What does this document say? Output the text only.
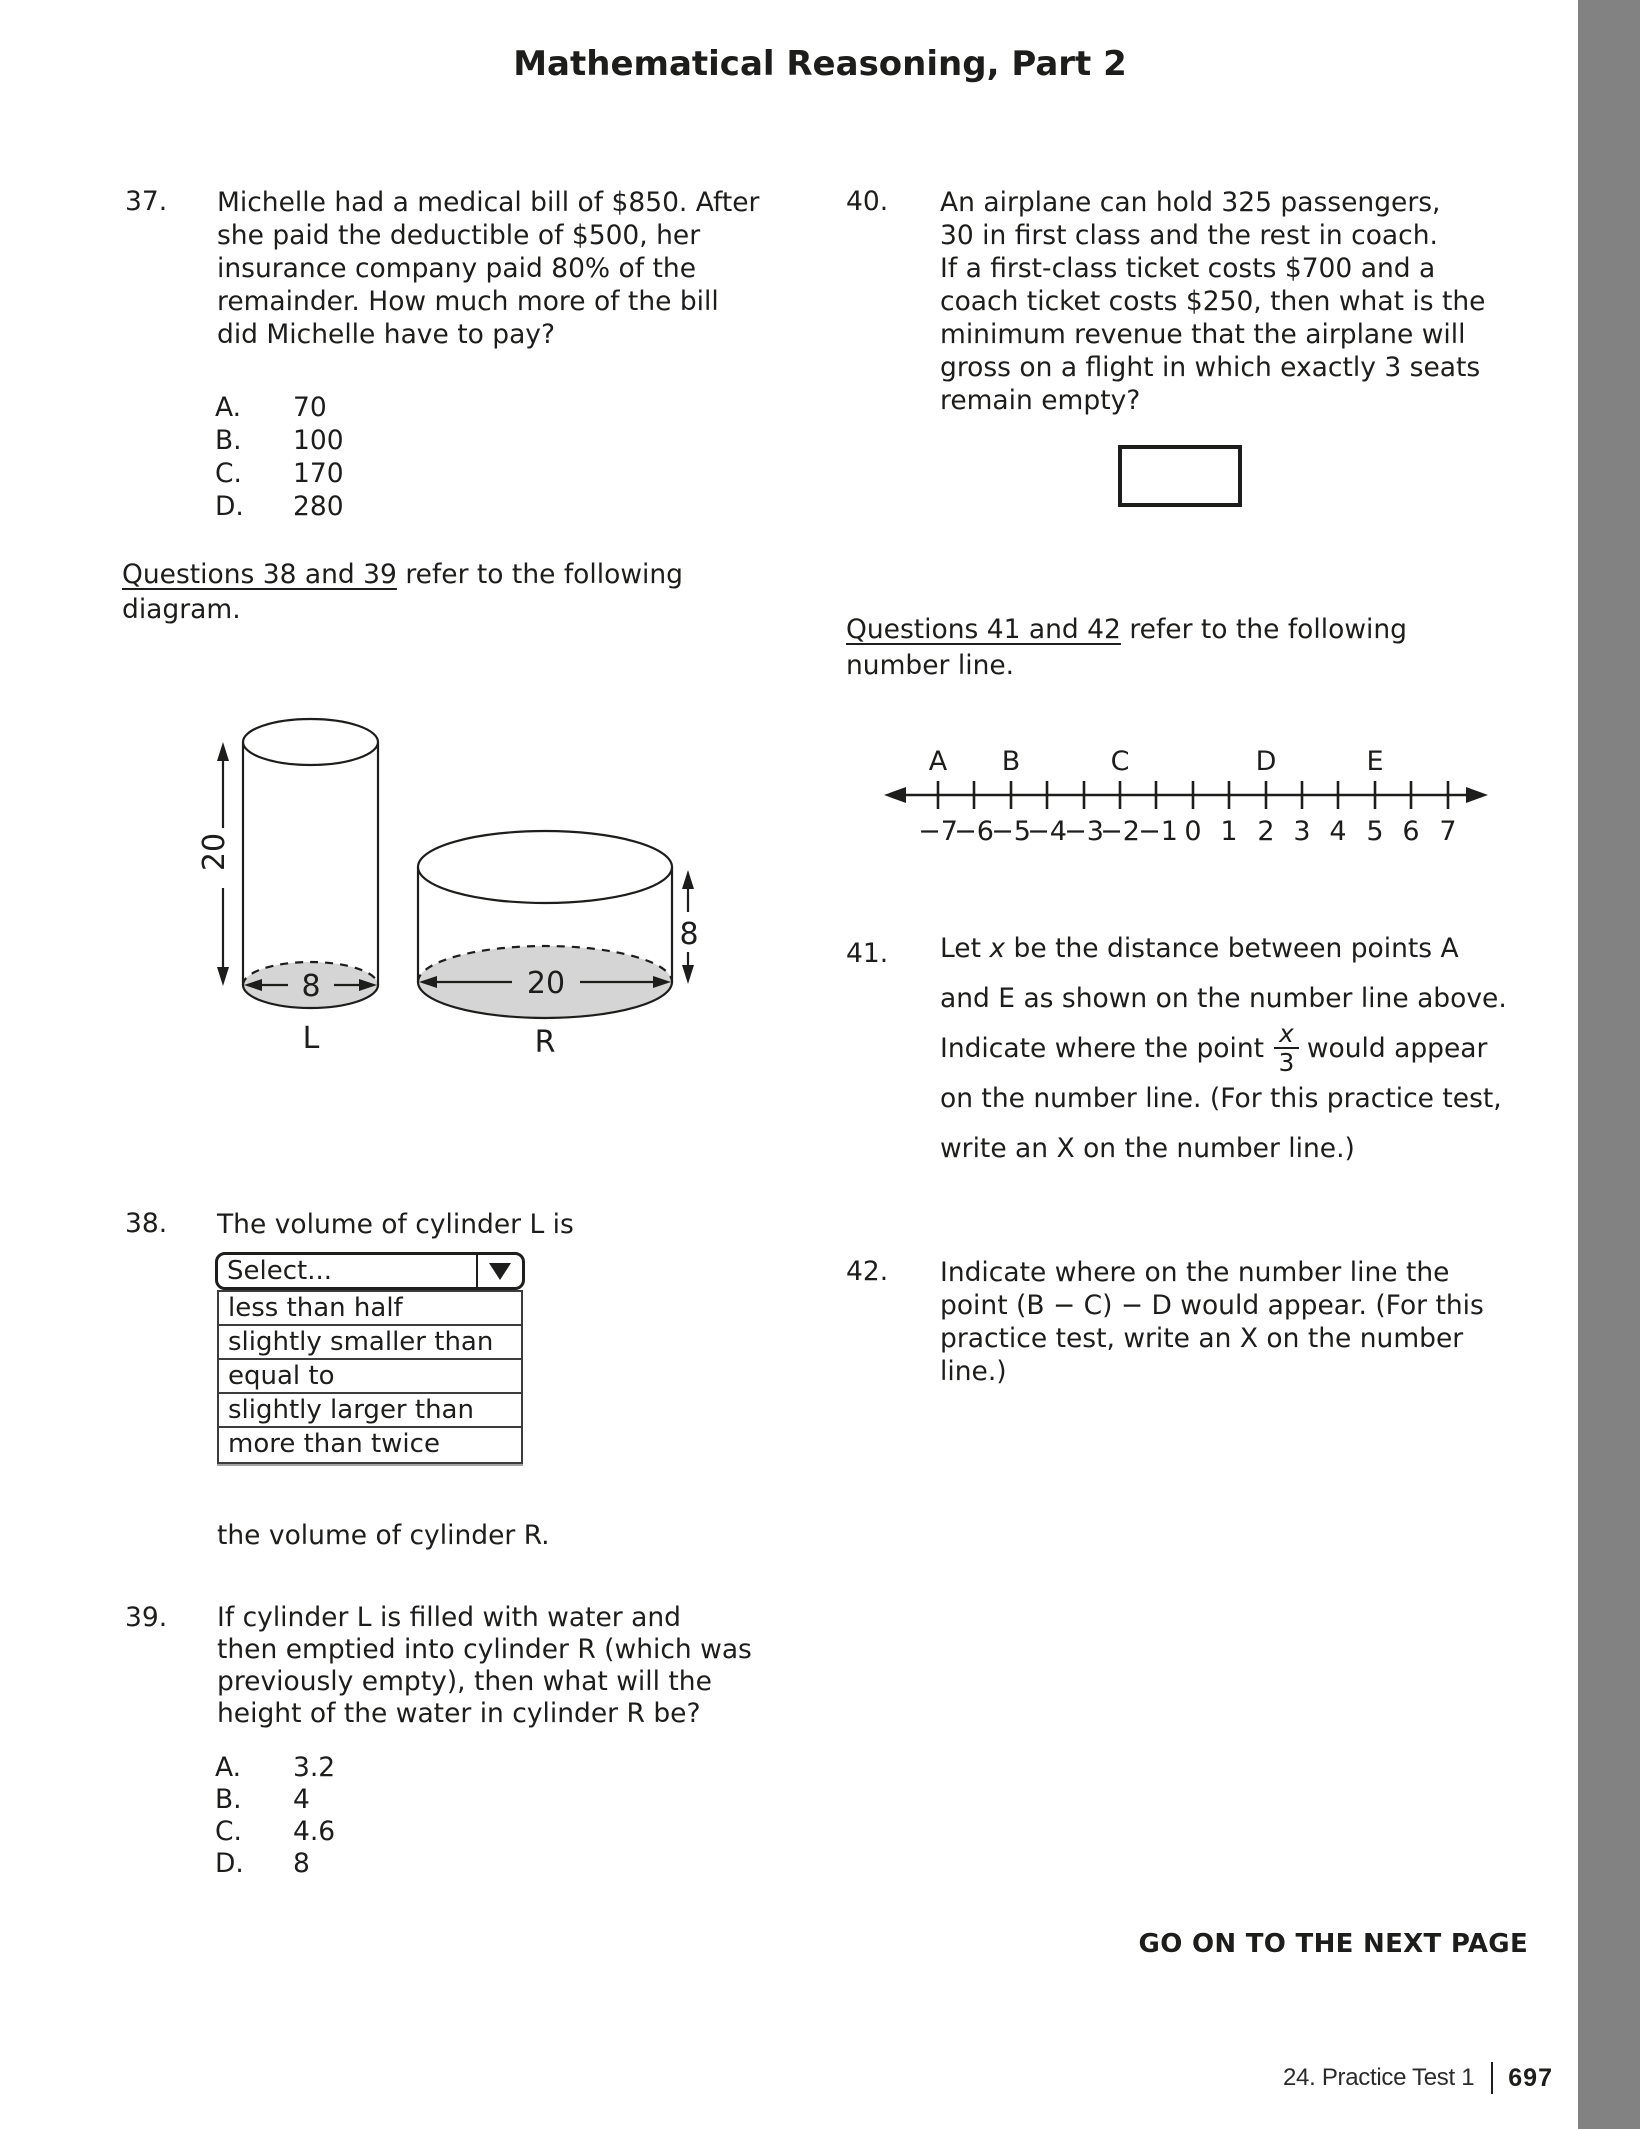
Mathematical Reasoning, Part 2
37. Michelle had a medical bill of $850. After
she paid the deductible of $500, her
insurance company paid 80% of the
remainder. How much more of the bill
did Michelle have to pay?
A. 70
B. 100
C. 170
D. 280
Questions 38 and 39 refer to the following
diagram.
20
8
L
20
8
R
38. The volume of cylinder L is
Select...
less than half
slightly smaller than
equal to
slightly larger than
more than twice
the volume of cylinder R.
39. If cylinder L is filled with water and
then emptied into cylinder R (which was
previously empty), then what will the
height of the water in cylinder R be?
A. 3.2
B. 4
C. 4.6
D. 8
40. An airplane can hold 325 passengers,
30 in first class and the rest in coach.
If a first-class ticket costs $700 and a
coach ticket costs $250, then what is the
minimum revenue that the airplane will
gross on a flight in which exactly 3 seats
remain empty?
Questions 41 and 42 refer to the following
number line.
A B	C	D	E
−7
−6
−5
−4
−3
−2
−1 0 1 2 3 4 5 6 7
41. Let x be the distance between points A
and E as shown on the number line above.
Indicate where the point $\frac{x}{3}$ would appear
on the number line. (For this practice test,
write an X on the number line.)
42. Indicate where on the number line the
point (B − C) − D would appear. (For this
practice test, write an X on the number
line.)
GO ON TO THE NEXT PAGE
24. Practice Test 1 697
